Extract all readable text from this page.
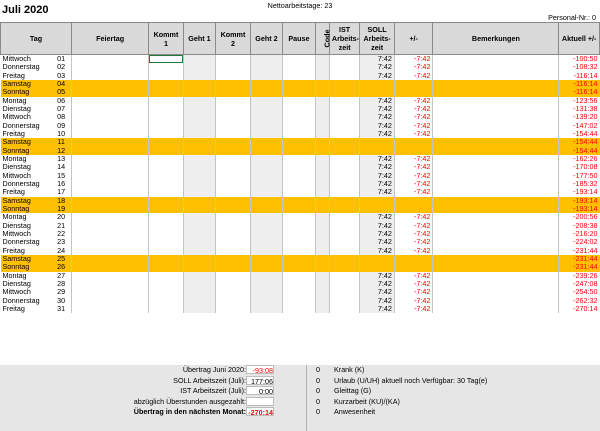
Nettoarbeitstage: 23
Juli 2020
Personal-Nr.: 0
Tag		Feiertag	Kommt 1	Geht 1	Kommt 2	Geht 2	Pause	Code	IST Arbeits-zeit	SOLL Arbeits-zeit	+/-	Bemerkungen	Aktuell +/-
Mittwoch	01									7:42	-7:42		-100:50
Donnerstag	02									7:42	-7:42		-108:32
Freitag	03									7:42	-7:42		-116:14
Samstag	04												-116:14
Sonntag	05												-116:14
Montag	06									7:42	-7:42		-123:56
Dienstag	07									7:42	-7:42		-131:38
Mittwoch	08									7:42	-7:42		-139:20
Donnerstag	09									7:42	-7:42		-147:02
Freitag	10									7:42	-7:42		-154:44
Samstag	11												-154:44
Sonntag	12												-154:44
Montag	13									7:42	-7:42		-162:26
Dienstag	14									7:42	-7:42		-170:08
Mittwoch	15									7:42	-7:42		-177:50
Donnerstag	16									7:42	-7:42		-185:32
Freitag	17									7:42	-7:42		-193:14
Samstag	18												-193:14
Sonntag	19												-193:14
Montag	20									7:42	-7:42		-200:56
Dienstag	21									7:42	-7:42		-208:38
Mittwoch	22									7:42	-7:42		-216:20
Donnerstag	23									7:42	-7:42		-224:02
Freitag	24									7:42	-7:42		-231:44
Samstag	25												-231:44
Sonntag	26												-231:44
Montag	27									7:42	-7:42		-239:26
Dienstag	28									7:42	-7:42		-247:08
Mittwoch	29									7:42	-7:42		-254:50
Donnerstag	30									7:42	-7:42		-262:32
Freitag	31									7:42	-7:42		-270:14
Übertrag Juni 2020: -93:08
SOLL Arbeitszeit (Juli): 177:06
IST Arbeitszeit (Juli):	0:00
abzüglich Überstunden ausgezahlt:
Übertrag in den nächsten Monat: -270:14
0	Krank (K)
0	Urlaub (U/UH) aktuell noch Verfügbar: 30 Tag(e)
0	Gleittag (G)
0	Kurzarbeit (KU)/(KA)
0	Anwesenheit
